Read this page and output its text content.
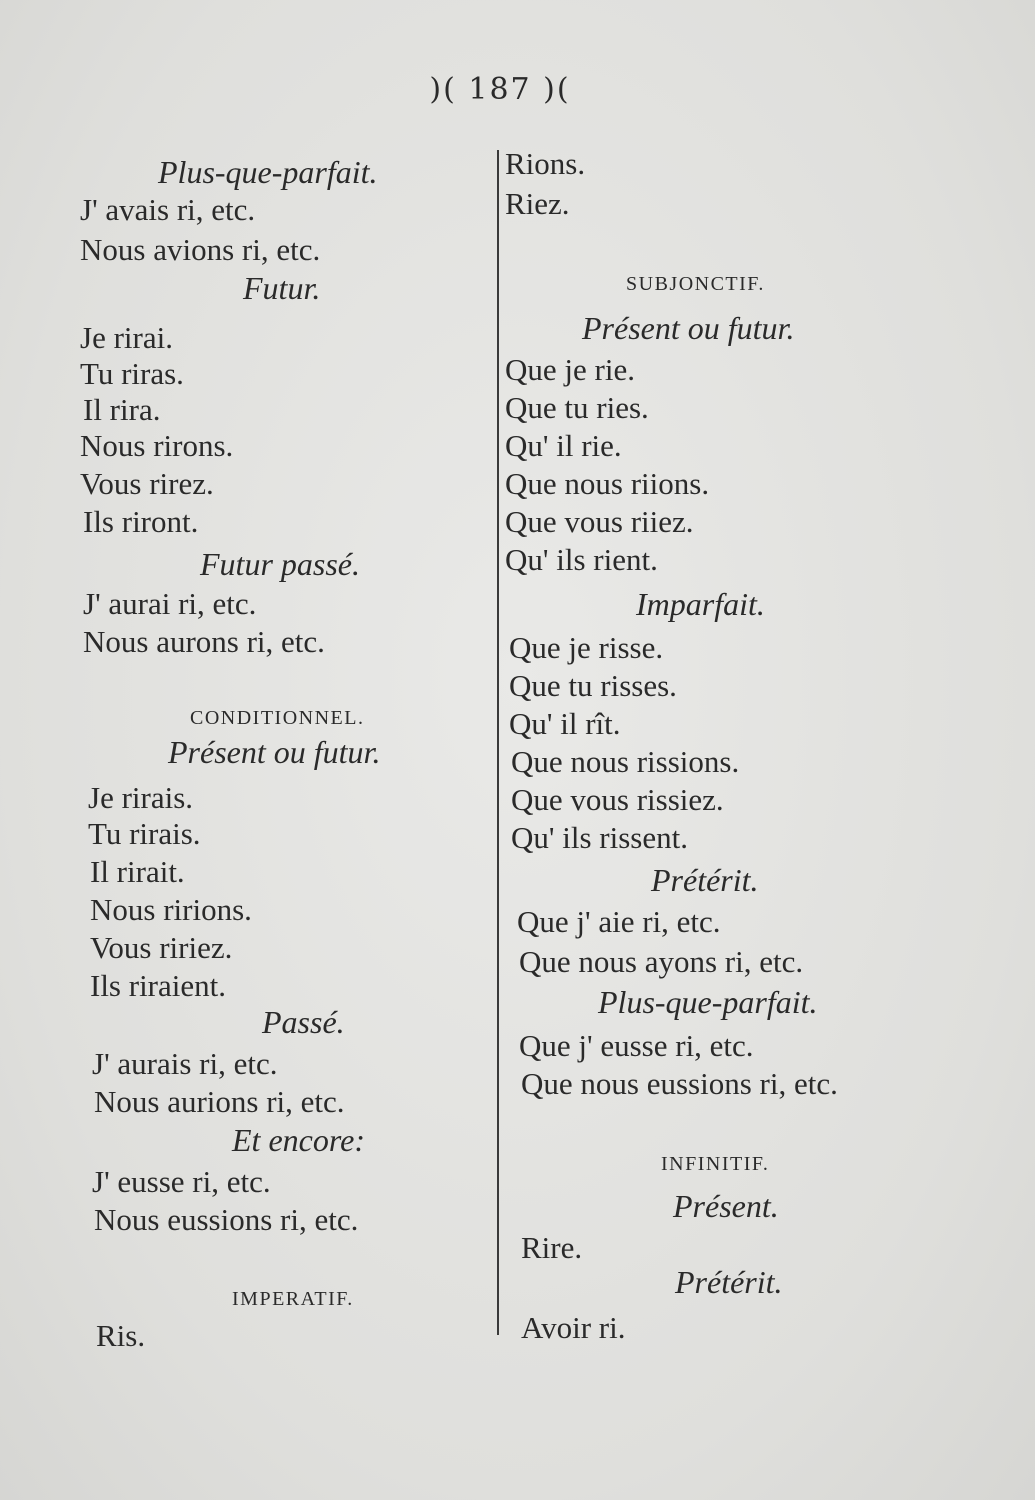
)( 187 )(
Plus-que-parfait.
J' avais ri, etc.
Nous avions ri, etc.
Futur.
Je rirai.
Tu riras.
Il rira.
Nous rirons.
Vous rirez.
Ils riront.
Futur passé.
J' aurai ri, etc.
Nous aurons ri, etc.
CONDITIONNEL.
Présent ou futur.
Je rirais.
Tu rirais.
Il rirait.
Nous ririons.
Vous ririez.
Ils riraient.
Passé.
J' aurais ri, etc.
Nous aurions ri, etc.
Et encore:
J' eusse ri, etc.
Nous eussions ri, etc.
IMPERATIF.
Ris.
Rions.
Riez.
SUBJONCTIF.
Présent ou futur.
Que je rie.
Que tu ries.
Qu' il rie.
Que nous riions.
Que vous riiez.
Qu' ils rient.
Imparfait.
Que je risse.
Que tu risses.
Qu' il rît.
Que nous rissions.
Que vous rissiez.
Qu' ils rissent.
Prétérit.
Que j' aie ri, etc.
Que nous ayons ri, etc.
Plus-que-parfait.
Que j' eusse ri, etc.
Que nous eussions ri, etc.
INFINITIF.
Présent.
Rire.
Prétérit.
Avoir ri.
